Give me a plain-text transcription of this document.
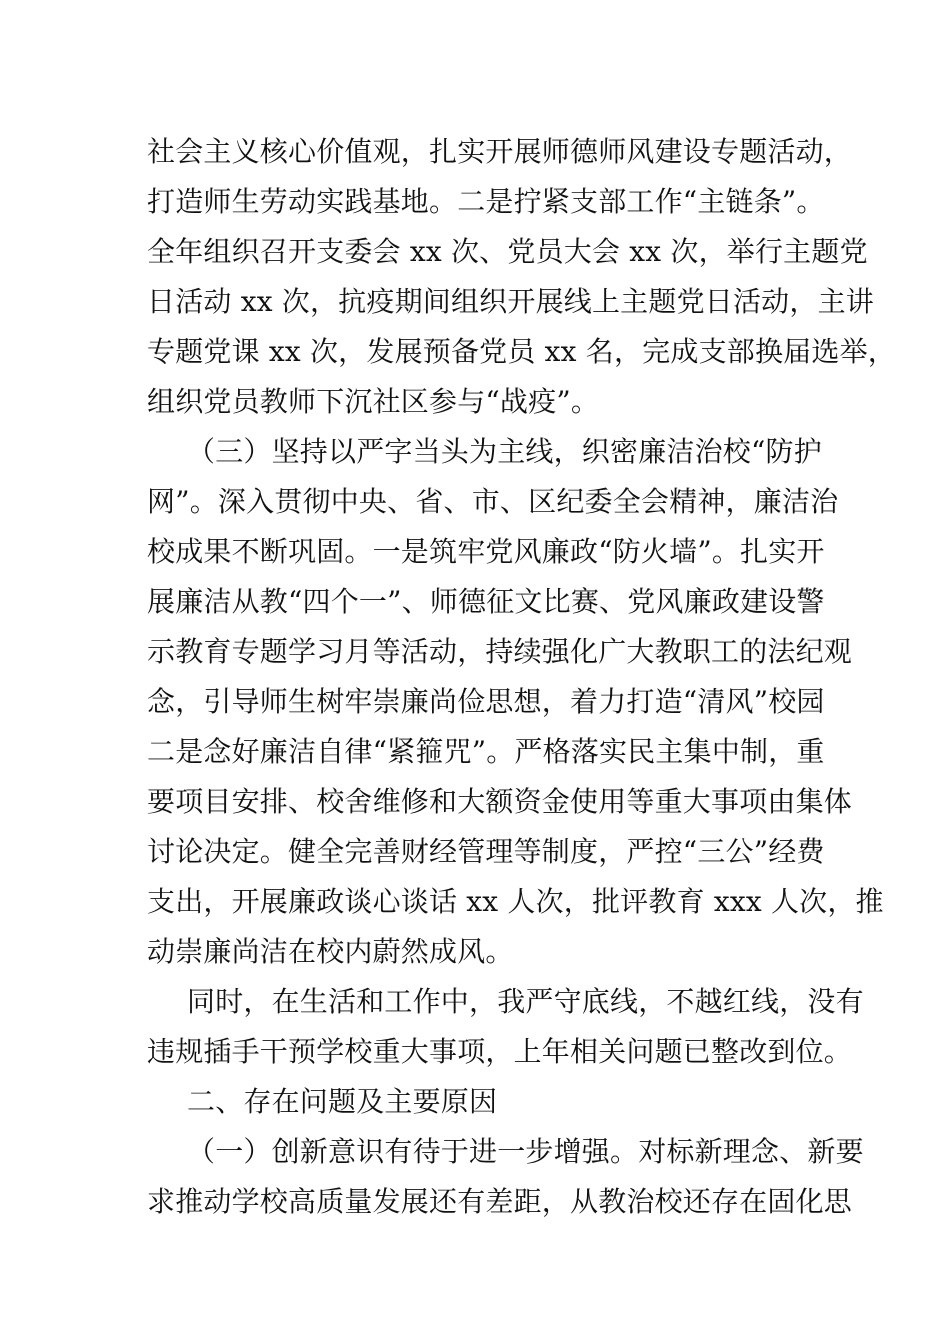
社会主义核心价值观，扎实开展师德师风建设专题活动，
打造师生劳动实践基地。二是拧紧支部工作“主链条”。
全年组织召开支委会 xx 次、党员大会 xx 次，举行主题党
日活动 xx 次，抗疫期间组织开展线上主题党日活动，主讲
专题党课 xx 次，发展预备党员 xx 名，完成支部换届选举，
组织党员教师下沉社区参与“战疫”。
（三）坚持以严字当头为主线，织密廉洁治校“防护
网”。深入贯彻中央、省、市、区纪委全会精神，廉洁治
校成果不断巩固。一是筑牢党风廉政“防火墙”。扎实开
展廉洁从教“四个一”、师德征文比赛、党风廉政建设警
示教育专题学习月等活动，持续强化广大教职工的法纪观
念，引导师生树牢崇廉尚俭思想，着力打造“清风”校园
二是念好廉洁自律“紧箍咒”。严格落实民主集中制，重
要项目安排、校舍维修和大额资金使用等重大事项由集体
讨论决定。健全完善财经管理等制度，严控“三公”经费
支出，开展廉政谈心谈话 xx 人次，批评教育 xxx 人次，推
动崇廉尚洁在校内蔚然成风。
同时，在生活和工作中，我严守底线，不越红线，没有
违规插手干预学校重大事项，上年相关问题已整改到位。
二、存在问题及主要原因
（一）创新意识有待于进一步增强。对标新理念、新要
求推动学校高质量发展还有差距，从教治校还存在固化思
